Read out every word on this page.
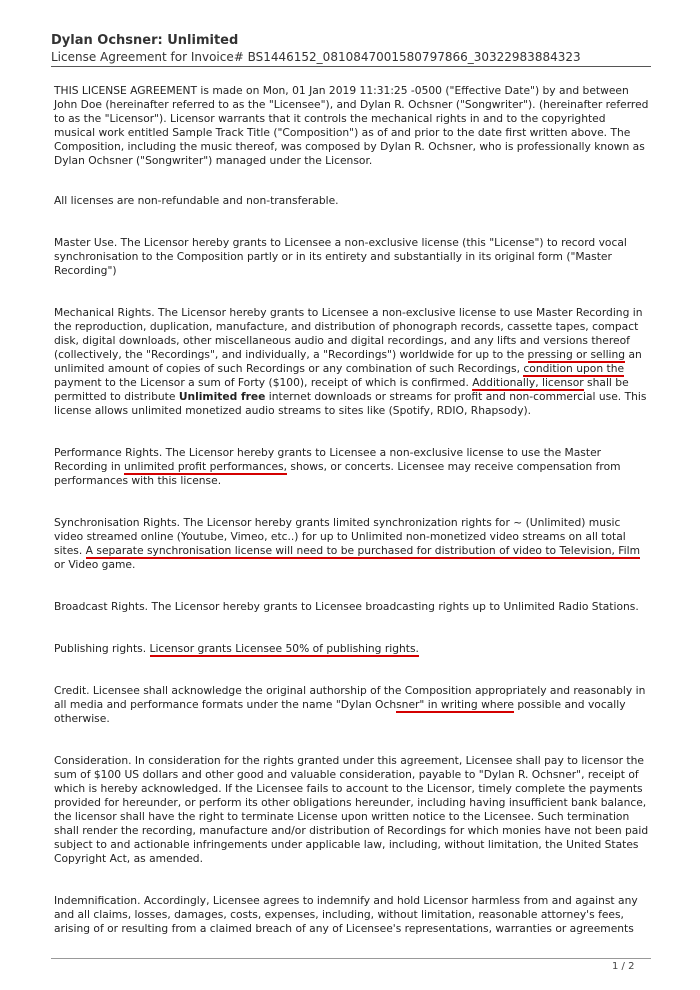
Dylan Ochsner: Unlimited
License Agreement for Invoice# BS1446152_0810847001580797866_30322983884323

THIS LICENSE AGREEMENT is made on Mon, 01 Jan 2019 11:31:25 -0500 ("Effective Date") by and between John Doe (hereinafter referred to as the "Licensee"), and Dylan R. Ochsner ("Songwriter"). (hereinafter referred to as the "Licensor"). Licensor warrants that it controls the mechanical rights in and to the copyrighted musical work entitled Sample Track Title ("Composition") as of and prior to the date first written above. The Composition, including the music thereof, was composed by Dylan R. Ochsner, who is professionally known as Dylan Ochsner ("Songwriter") managed under the Licensor.

All licenses are non-refundable and non-transferable.

Master Use. The Licensor hereby grants to Licensee a non-exclusive license (this "License") to record vocal synchronisation to the Composition partly or in its entirety and substantially in its original form ("Master Recording")

Mechanical Rights. The Licensor hereby grants to Licensee a non-exclusive license to use Master Recording in the reproduction, duplication, manufacture, and distribution of phonograph records, cassette tapes, compact disk, digital downloads, other miscellaneous audio and digital recordings, and any lifts and versions thereof (collectively, the "Recordings", and individually, a "Recordings") worldwide for up to the pressing or selling an unlimited amount of copies of such Recordings or any combination of such Recordings, condition upon the payment to the Licensor a sum of Forty ($100), receipt of which is confirmed. Additionally, licensor shall be permitted to distribute Unlimited free internet downloads or streams for profit and non-commercial use. This license allows unlimited monetized audio streams to sites like (Spotify, RDIO, Rhapsody).

Performance Rights. The Licensor hereby grants to Licensee a non-exclusive license to use the Master Recording in unlimited profit performances, shows, or concerts. Licensee may receive compensation from performances with this license.

Synchronisation Rights. The Licensor hereby grants limited synchronization rights for ~ (Unlimited) music video streamed online (Youtube, Vimeo, etc..) for up to Unlimited non-monetized video streams on all total sites. A separate synchronisation license will need to be purchased for distribution of video to Television, Film or Video game.

Broadcast Rights. The Licensor hereby grants to Licensee broadcasting rights up to Unlimited Radio Stations.

Publishing rights. Licensor grants Licensee 50% of publishing rights.

Credit. Licensee shall acknowledge the original authorship of the Composition appropriately and reasonably in all media and performance formats under the name "Dylan Ochsner" in writing where possible and vocally otherwise.

Consideration. In consideration for the rights granted under this agreement, Licensee shall pay to licensor the sum of $100 US dollars and other good and valuable consideration, payable to "Dylan R. Ochsner", receipt of which is hereby acknowledged. If the Licensee fails to account to the Licensor, timely complete the payments provided for hereunder, or perform its other obligations hereunder, including having insufficient bank balance, the licensor shall have the right to terminate License upon written notice to the Licensee. Such termination shall render the recording, manufacture and/or distribution of Recordings for which monies have not been paid subject to and actionable infringements under applicable law, including, without limitation, the United States Copyright Act, as amended.

Indemnification. Accordingly, Licensee agrees to indemnify and hold Licensor harmless from and against any and all claims, losses, damages, costs, expenses, including, without limitation, reasonable attorney's fees, arising of or resulting from a claimed breach of any of Licensee's representations, warranties or agreements

1 / 2
